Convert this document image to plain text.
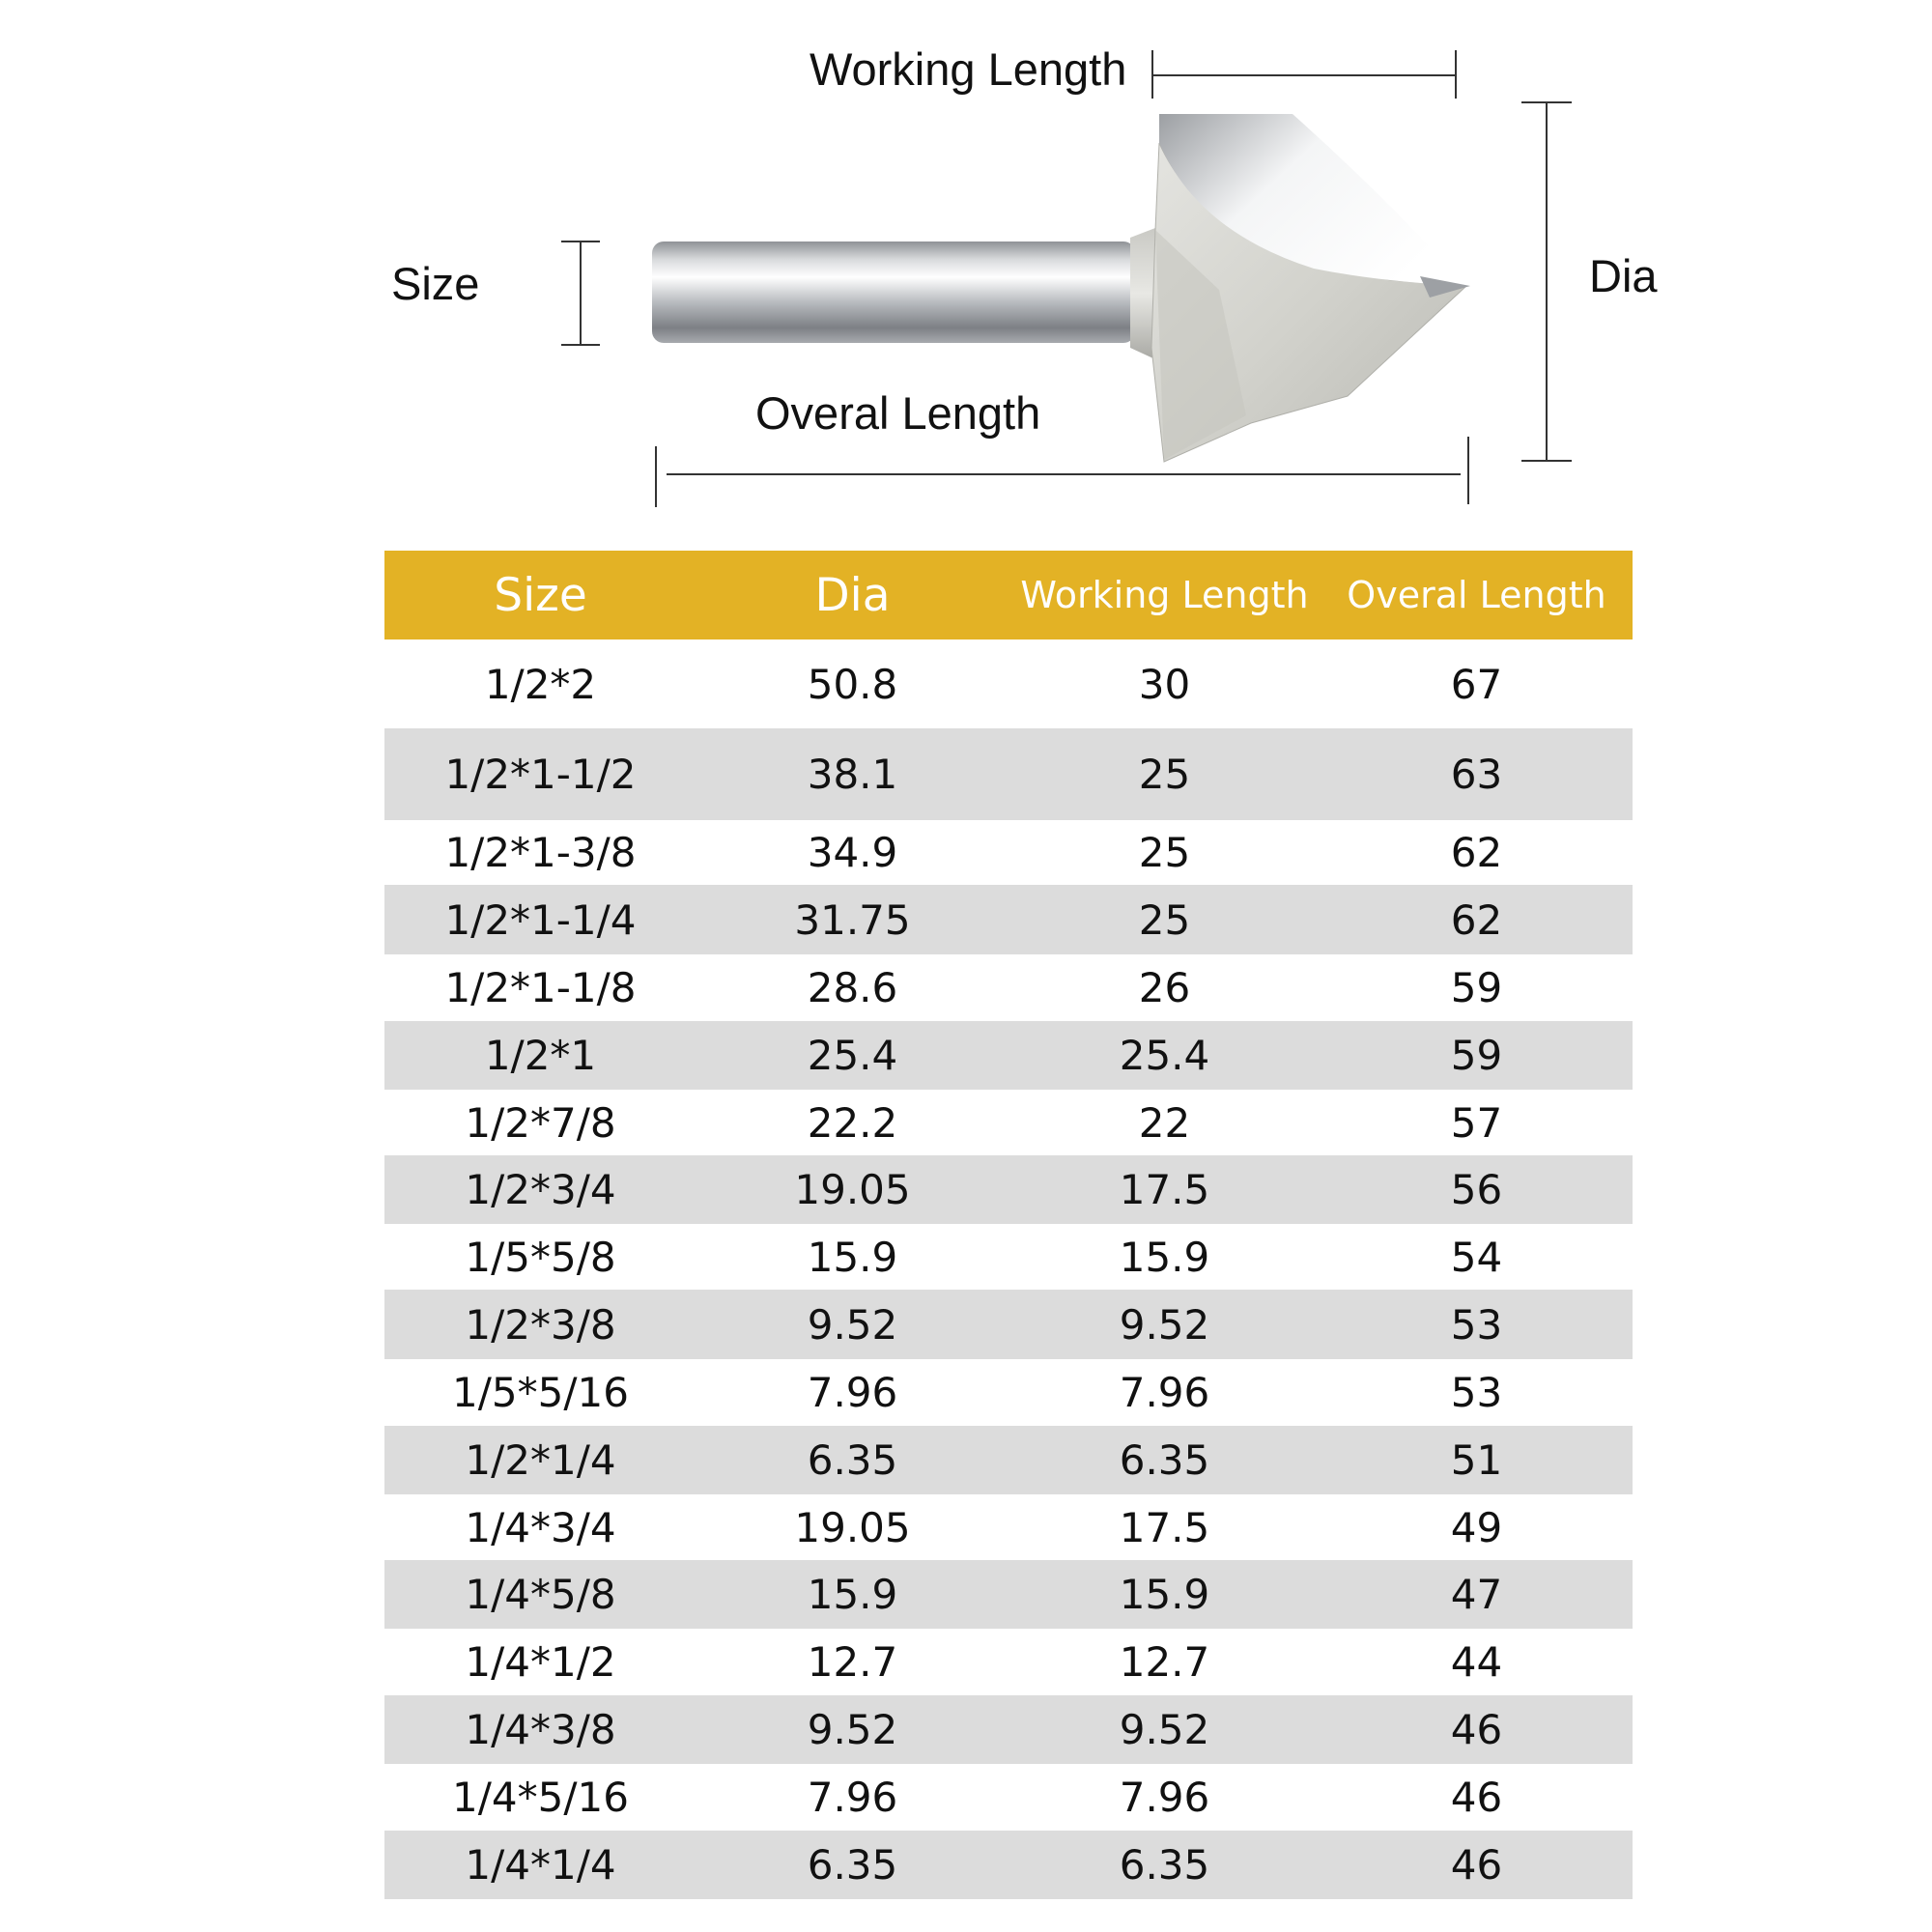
Working Length
Size	Dia
Overal Length
Size	Dia	Working Length	Overal Length
1/2*2	50.8	30	67
1/2*1-1/2	38.1	25	63
1/2*1-3/8	34.9	25	62
1/2*1-1/4	31.75	25	62
1/2*1-1/8	28.6	26	59
1/2*1	25.4	25.4	59
1/2*7/8	22.2	22	57
1/2*3/4	19.05	17.5	56
1/5*5/8	15.9	15.9	54
1/2*3/8	9.52	9.52	53
1/5*5/16	7.96	7.96	53
1/2*1/4	6.35	6.35	51
1/4*3/4	19.05	17.5	49
1/4*5/8	15.9	15.9	47
1/4*1/2	12.7	12.7	44
1/4*3/8	9.52	9.52	46
1/4*5/16	7.96	7.96	46
1/4*1/4	6.35	6.35	46
